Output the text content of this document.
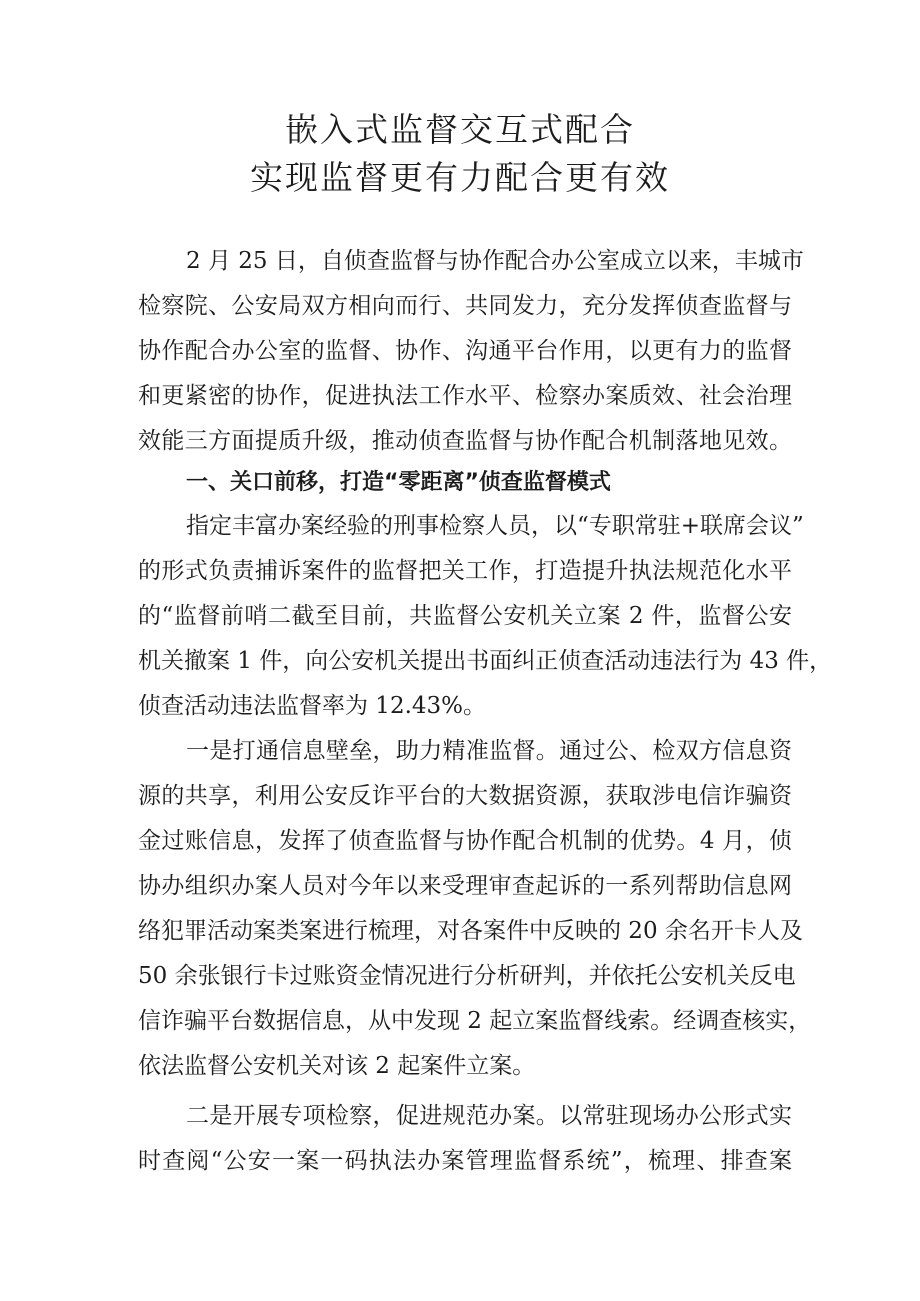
嵌入式监督交互式配合
实现监督更有力配合更有效
2 月 25 日，自侦查监督与协作配合办公室成立以来，丰城市
检察院、公安局双方相向而行、共同发力，充分发挥侦查监督与
协作配合办公室的监督、协作、沟通平台作用，以更有力的监督
和更紧密的协作，促进执法工作水平、检察办案质效、社会治理
效能三方面提质升级，推动侦查监督与协作配合机制落地见效。
一、关口前移，打造“零距离”侦查监督模式
指定丰富办案经验的刑事检察人员，以“专职常驻+联席会议”
的形式负责捕诉案件的监督把关工作，打造提升执法规范化水平
的“监督前哨二截至目前，共监督公安机关立案 2 件，监督公安
机关撤案 1 件，向公安机关提出书面纠正侦查活动违法行为 43 件，
侦查活动违法监督率为 12.43%。
一是打通信息壁垒，助力精准监督。通过公、检双方信息资
源的共享，利用公安反诈平台的大数据资源，获取涉电信诈骗资
金过账信息，发挥了侦查监督与协作配合机制的优势。4 月，侦
协办组织办案人员对今年以来受理审查起诉的一系列帮助信息网
络犯罪活动案类案进行梳理，对各案件中反映的 20 余名开卡人及
50 余张银行卡过账资金情况进行分析研判，并依托公安机关反电
信诈骗平台数据信息，从中发现 2 起立案监督线索。经调查核实，
依法监督公安机关对该 2 起案件立案。
二是开展专项检察，促进规范办案。以常驻现场办公形式实
时查阅“公安一案一码执法办案管理监督系统”，梳理、排查案
